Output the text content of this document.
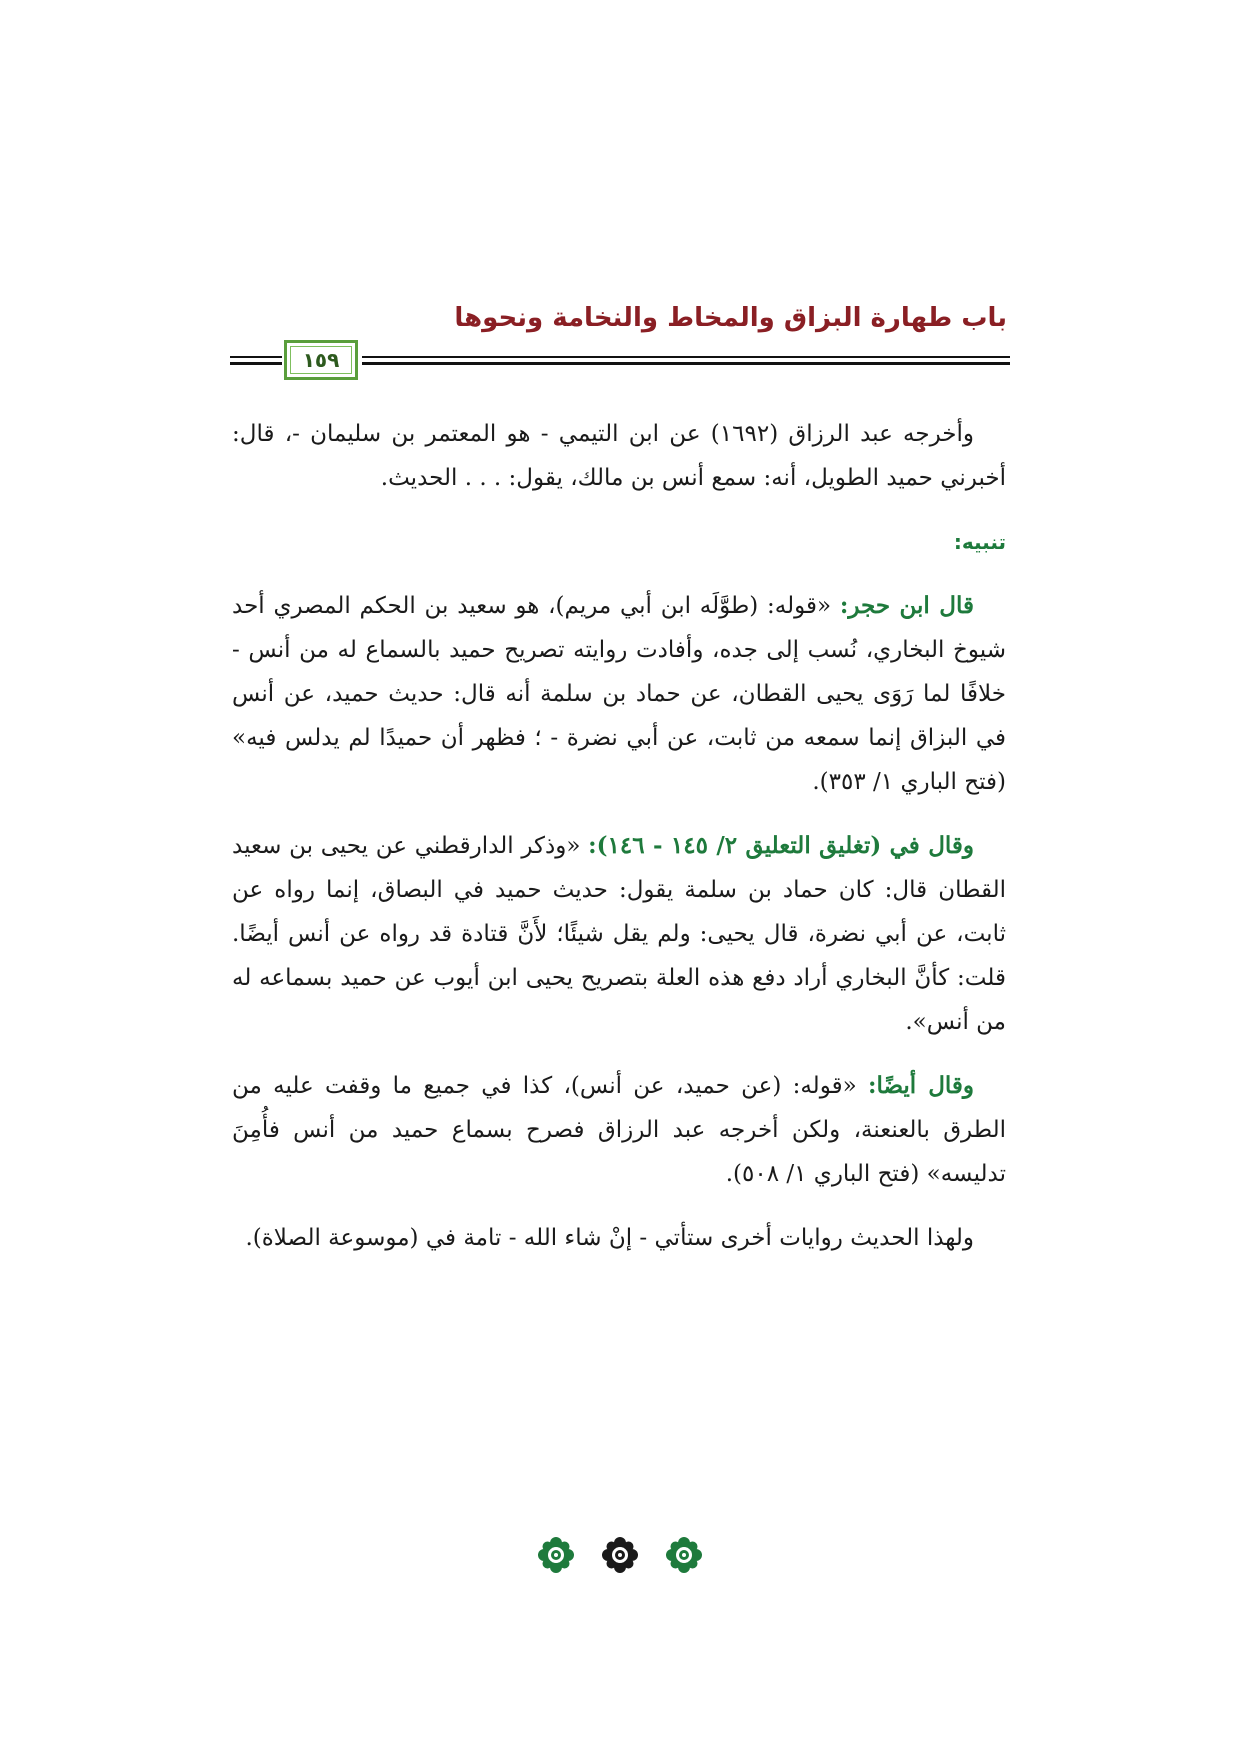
باب طهارة البزاق والمخاط والنخامة ونحوها
١٥٩

وأخرجه عبد الرزاق (١٦٩٢) عن ابن التيمي - هو المعتمر بن سليمان -، قال: أخبرني حميد الطويل، أنه: سمع أنس بن مالك، يقول: . . . الحديث.

تنبيه:

قال ابن حجر: «قوله: (طوَّلَه ابن أبي مريم)، هو سعيد بن الحكم المصري أحد شيوخ البخاري، نُسب إلى جده، وأفادت روايته تصريح حميد بالسماع له من أنس - خلافًا لما رَوَى يحيى القطان، عن حماد بن سلمة أنه قال: حديث حميد، عن أنس في البزاق إنما سمعه من ثابت، عن أبي نضرة - ؛ فظهر أن حميدًا لم يدلس فيه» (فتح الباري ١/ ٣٥٣).

وقال في (تغليق التعليق ٢/ ١٤٥ - ١٤٦): «وذكر الدارقطني عن يحيى بن سعيد القطان قال: كان حماد بن سلمة يقول: حديث حميد في البصاق، إنما رواه عن ثابت، عن أبي نضرة، قال يحيى: ولم يقل شيئًا؛ لأَنَّ قتادة قد رواه عن أنس أيضًا. قلت: كأنَّ البخاري أراد دفع هذه العلة بتصريح يحيى ابن أيوب عن حميد بسماعه له من أنس».

وقال أيضًا: «قوله: (عن حميد، عن أنس)، كذا في جميع ما وقفت عليه من الطرق بالعنعنة، ولكن أخرجه عبد الرزاق فصرح بسماع حميد من أنس فأُمِنَ تدليسه» (فتح الباري ١/ ٥٠٨).

ولهذا الحديث روايات أخرى ستأتي - إنْ شاء الله - تامة في (موسوعة الصلاة).
